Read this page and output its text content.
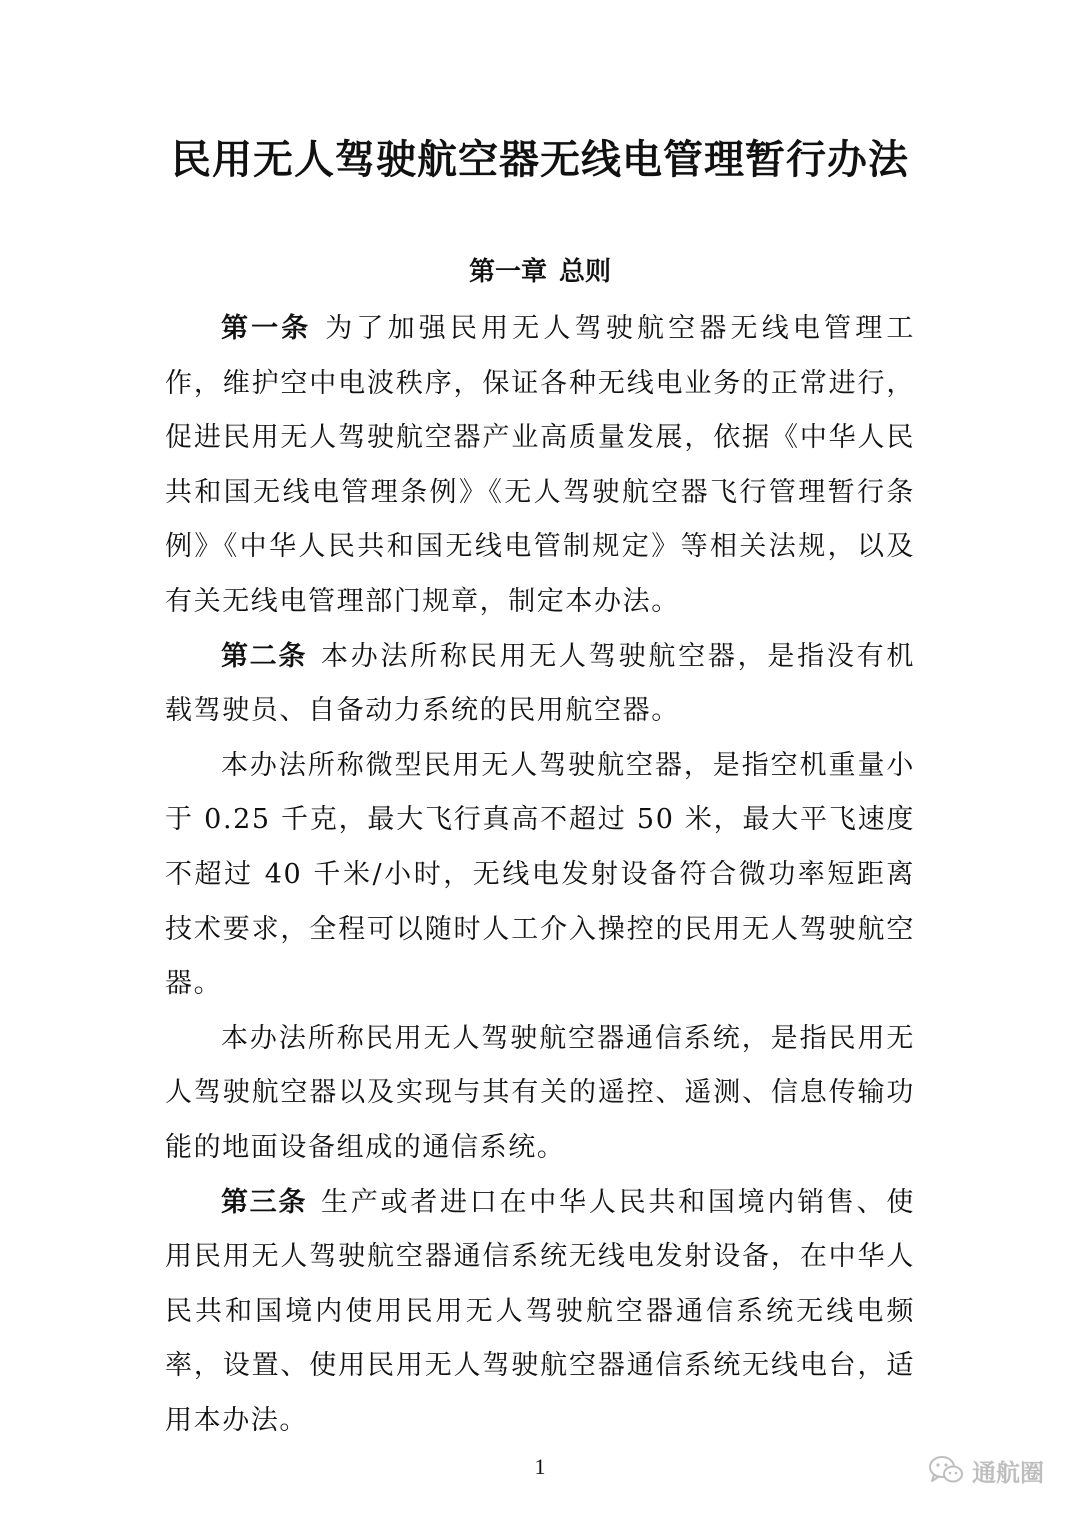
民用无人驾驶航空器无线电管理暂行办法
第一章 总则

第一条 为了加强民用无人驾驶航空器无线电管理工作，维护空中电波秩序，保证各种无线电业务的正常进行，促进民用无人驾驶航空器产业高质量发展，依据《中华人民共和国无线电管理条例》《无人驾驶航空器飞行管理暂行条例》《中华人民共和国无线电管制规定》等相关法规，以及有关无线电管理部门规章，制定本办法。

第二条 本办法所称民用无人驾驶航空器，是指没有机载驾驶员、自备动力系统的民用航空器。

本办法所称微型民用无人驾驶航空器，是指空机重量小于 0.25 千克，最大飞行真高不超过 50 米，最大平飞速度不超过 40 千米/小时，无线电发射设备符合微功率短距离技术要求，全程可以随时人工介入操控的民用无人驾驶航空器。

本办法所称民用无人驾驶航空器通信系统，是指民用无人驾驶航空器以及实现与其有关的遥控、遥测、信息传输功能的地面设备组成的通信系统。

第三条 生产或者进口在中华人民共和国境内销售、使用民用无人驾驶航空器通信系统无线电发射设备，在中华人民共和国境内使用民用无人驾驶航空器通信系统无线电频率，设置、使用民用无人驾驶航空器通信系统无线电台，适用本办法。

1	通航圈
